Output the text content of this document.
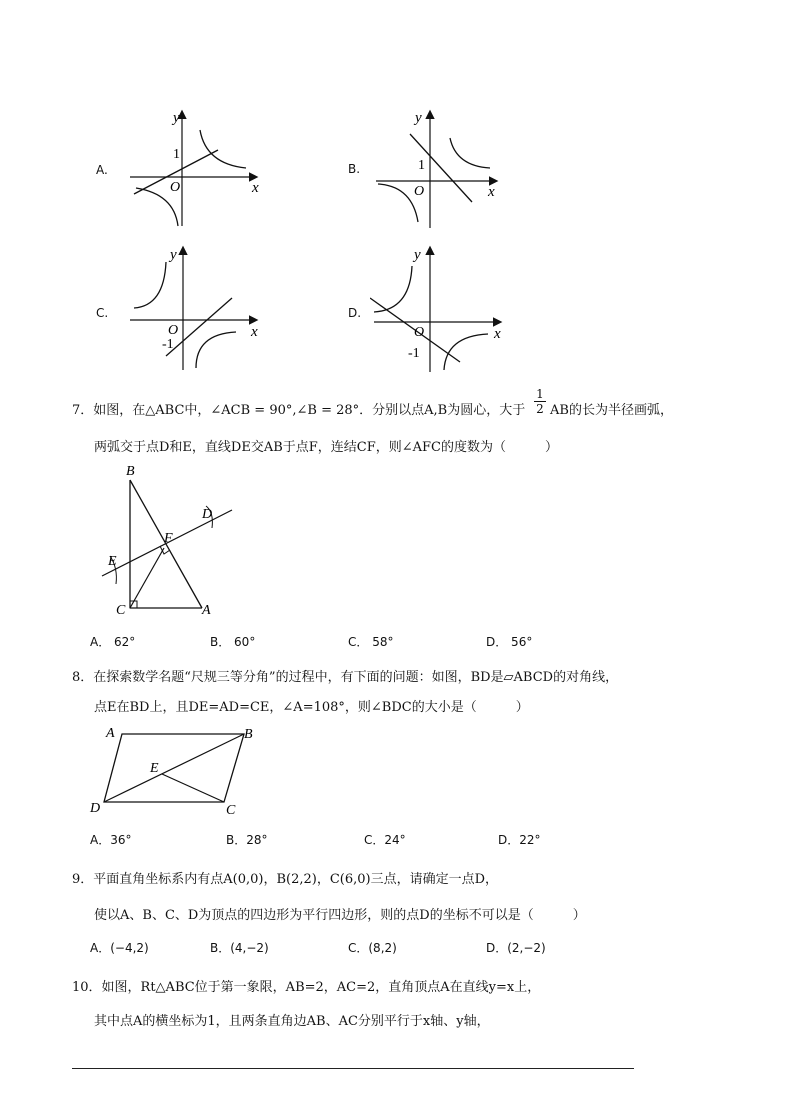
A.
y
x
O
1
B.
y
x
O
1
C.
y
x
O
-1
D.
y
x
O
-1
7．如图，在△ABC中，∠ACB = 90°,∠B = 28°．分别以点A,B为圆心，大于 $\frac{1}{2}$ AB的长为半径画弧，
两弧交于点D和E，直线DE交AB于点F，连结CF，则∠AFC的度数为（　　　）
B
C	A
D
E
F
A． 62°	B． 60°	C． 58°	D． 56°
8．在探索数学名题“尺规三等分角”的过程中，有下面的问题：如图，BD是▱ABCD的对角线，
点E在BD上，且DE=AD=CE，∠A=108°，则∠BDC的大小是（　　　）
A	B
C
D
E
A．36°	B．28°	C．24°	D．22°
9．平面直角坐标系内有点A(0,0)，B(2,2)，C(6,0)三点，请确定一点D，
使以A、B、C、D为顶点的四边形为平行四边形，则的点D的坐标不可以是（　　　）
A．(−4,2)	B．(4,−2)	C．(8,2)	D．(2,−2)
10．如图，Rt△ABC位于第一象限，AB=2，AC=2，直角顶点A在直线y=x上，
其中点A的横坐标为1，且两条直角边AB、AC分别平行于x轴、y轴，
